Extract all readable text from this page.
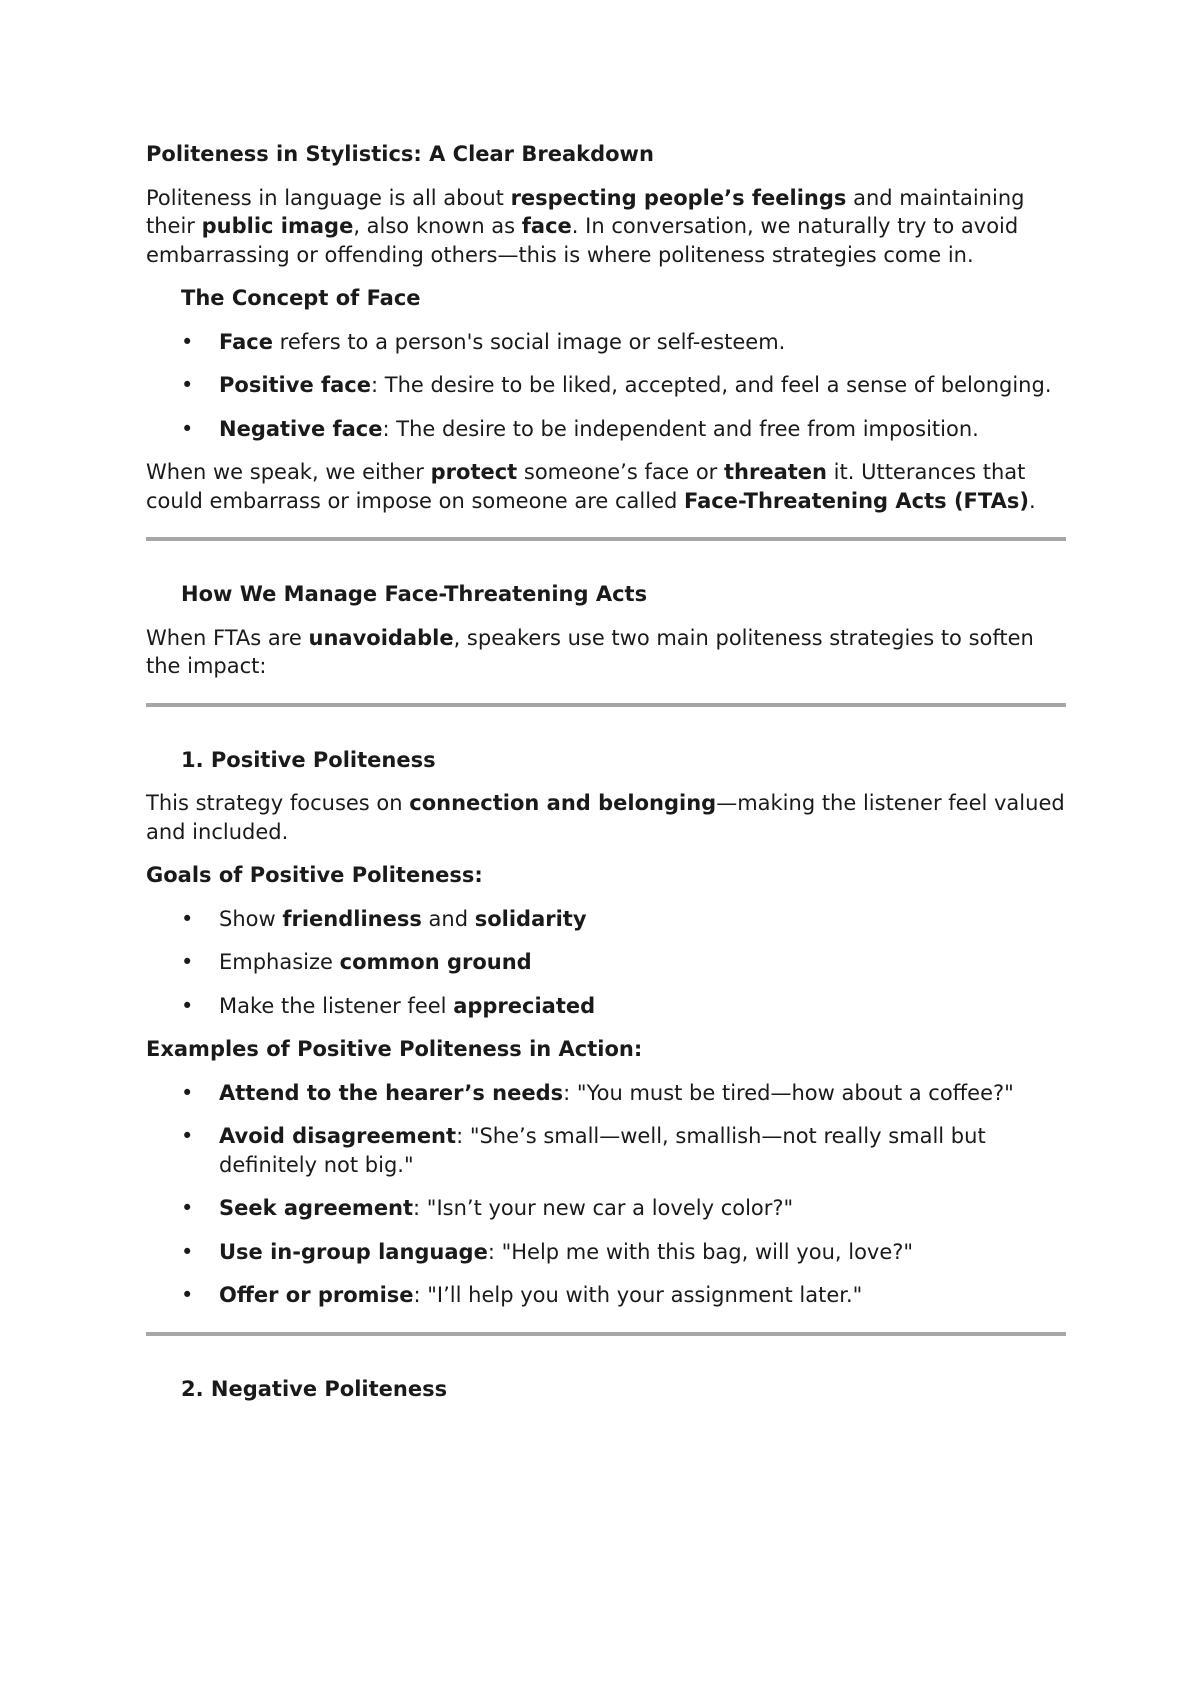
Politeness in Stylistics: A Clear Breakdown

Politeness in language is all about respecting people’s feelings and maintaining their public image, also known as face. In conversation, we naturally try to avoid embarrassing or offending others—this is where politeness strategies come in.

The Concept of Face

• Face refers to a person's social image or self-esteem.
• Positive face: The desire to be liked, accepted, and feel a sense of belonging.
• Negative face: The desire to be independent and free from imposition.

When we speak, we either protect someone’s face or threaten it. Utterances that could embarrass or impose on someone are called Face-Threatening Acts (FTAs).

How We Manage Face-Threatening Acts

When FTAs are unavoidable, speakers use two main politeness strategies to soften the impact:

1. Positive Politeness

This strategy focuses on connection and belonging—making the listener feel valued and included.

Goals of Positive Politeness:

• Show friendliness and solidarity
• Emphasize common ground
• Make the listener feel appreciated

Examples of Positive Politeness in Action:

• Attend to the hearer’s needs: "You must be tired—how about a coffee?"
• Avoid disagreement: "She’s small—well, smallish—not really small but definitely not big."
• Seek agreement: "Isn’t your new car a lovely color?"
• Use in-group language: "Help me with this bag, will you, love?"
• Offer or promise: "I’ll help you with your assignment later."

2. Negative Politeness
